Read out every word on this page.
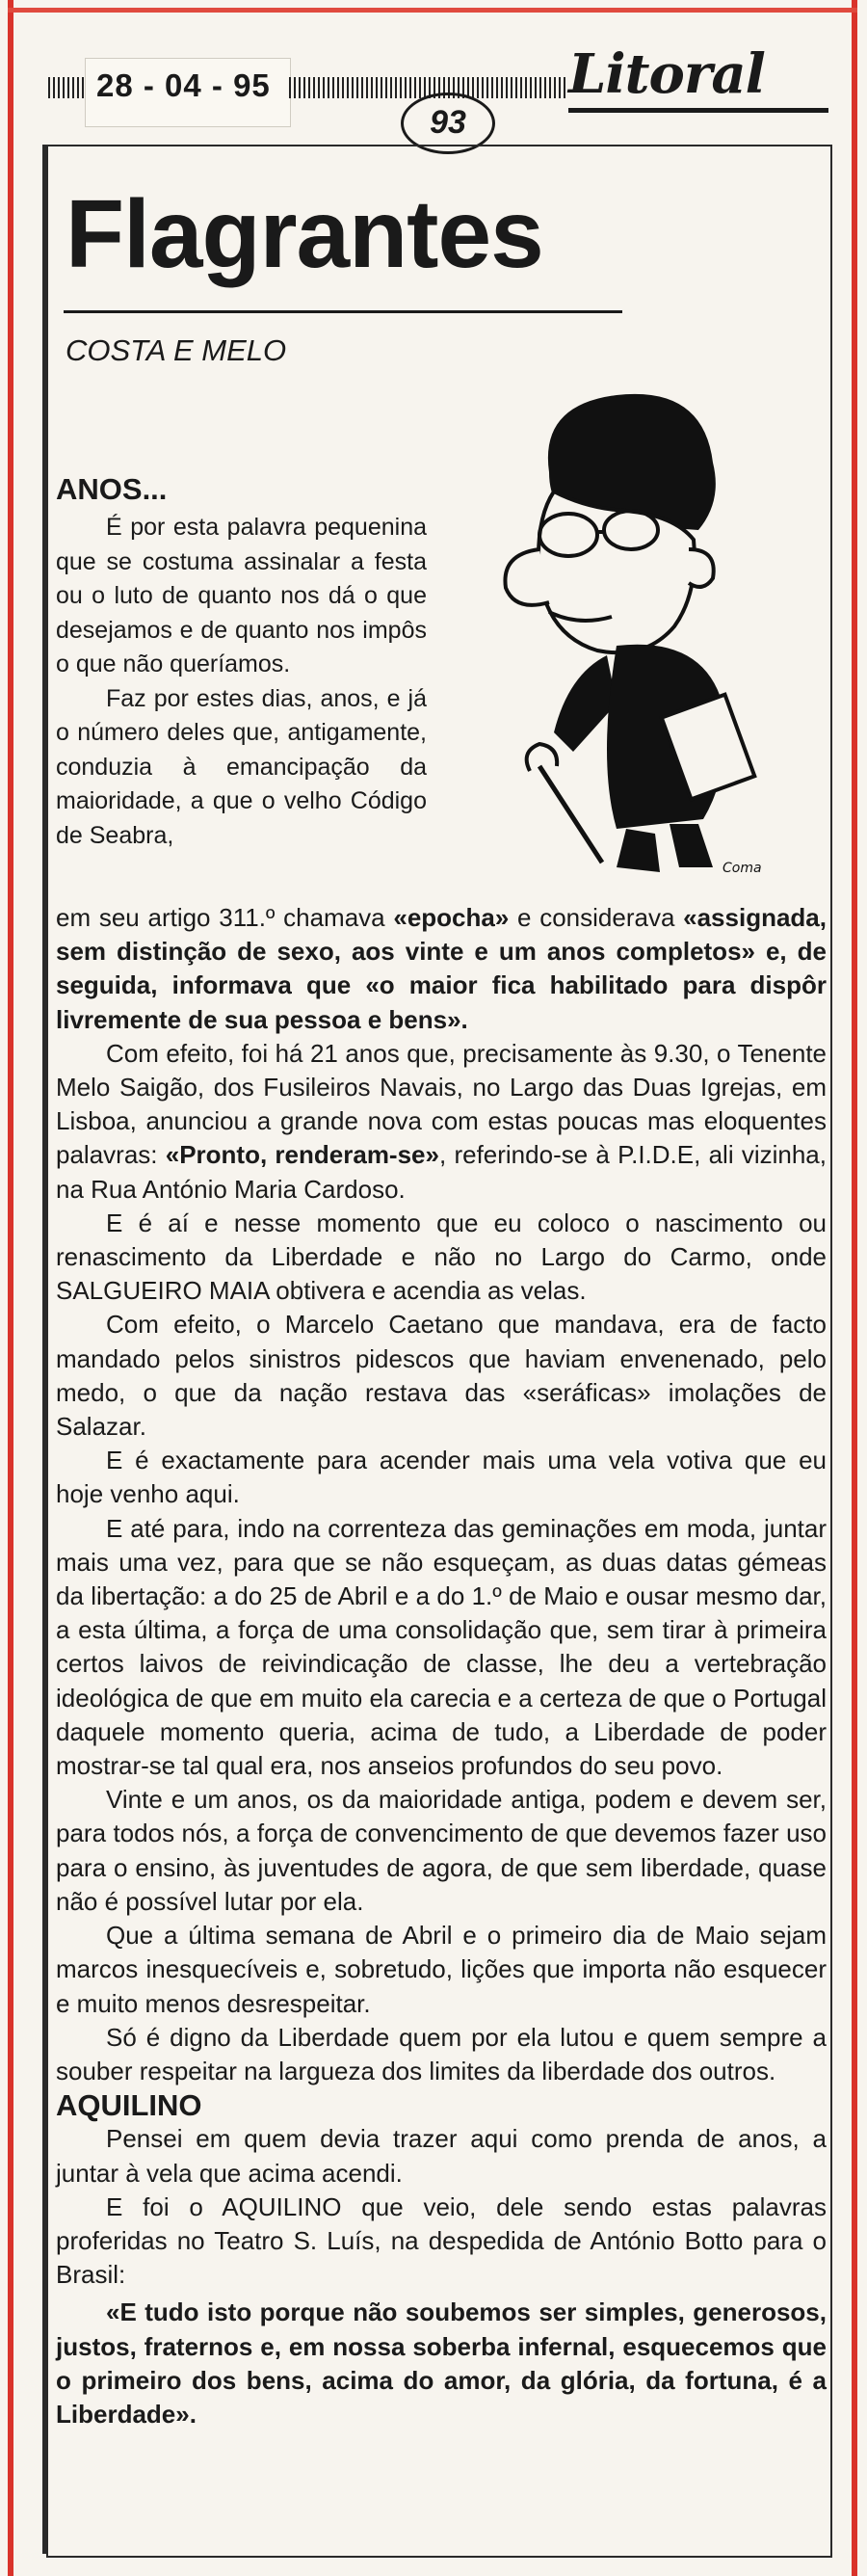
28 - 04 - 95
93
Litoral
Flagrantes
COSTA E MELO
Coma
ANOS...

É por esta palavra pequenina que se costuma assinalar a festa ou o luto de quanto nos dá o que desejamos e de quanto nos impôs o que não queríamos.

Faz por estes dias, anos, e já o número deles que, antigamente, conduzia à emancipação da maioridade, a que o velho Código de Seabra,

em seu artigo 311.º chamava «epocha» e considerava «assignada, sem distinção de sexo, aos vinte e um anos completos» e, de seguida, informava que «o maior fica habilitado para dispôr livremente de sua pessoa e bens».

Com efeito, foi há 21 anos que, precisamente às 9.30, o Tenente Melo Saigão, dos Fusileiros Navais, no Largo das Duas Igrejas, em Lisboa, anunciou a grande nova com estas poucas mas eloquentes palavras: «Pronto, renderam-se», referindo-se à P.I.D.E, ali vizinha, na Rua António Maria Cardoso.

E é aí e nesse momento que eu coloco o nascimento ou renascimento da Liberdade e não no Largo do Carmo, onde SALGUEIRO MAIA obtivera e acendia as velas.

Com efeito, o Marcelo Caetano que mandava, era de facto mandado pelos sinistros pidescos que haviam envenenado, pelo medo, o que da nação restava das «seráficas» imolações de Salazar.

E é exactamente para acender mais uma vela votiva que eu hoje venho aqui.

E até para, indo na correnteza das geminações em moda, juntar mais uma vez, para que se não esqueçam, as duas datas gémeas da libertação: a do 25 de Abril e a do 1.º de Maio e ousar mesmo dar, a esta última, a força de uma consolidação que, sem tirar à primeira certos laivos de reivindicação de classe, lhe deu a vertebração ideológica de que em muito ela carecia e a certeza de que o Portugal daquele momento queria, acima de tudo, a Liberdade de poder mostrar-se tal qual era, nos anseios profundos do seu povo.

Vinte e um anos, os da maioridade antiga, podem e devem ser, para todos nós, a força de convencimento de que devemos fazer uso para o ensino, às juventudes de agora, de que sem liberdade, quase não é possível lutar por ela.

Que a última semana de Abril e o primeiro dia de Maio sejam marcos inesquecíveis e, sobretudo, lições que importa não esquecer e muito menos desrespeitar.

Só é digno da Liberdade quem por ela lutou e quem sempre a souber respeitar na largueza dos limites da liberdade dos outros.

AQUILINO

Pensei em quem devia trazer aqui como prenda de anos, a juntar à vela que acima acendi.

E foi o AQUILINO que veio, dele sendo estas palavras proferidas no Teatro S. Luís, na despedida de António Botto para o Brasil:

«E tudo isto porque não soubemos ser simples, generosos, justos, fraternos e, em nossa soberba infernal, esquecemos que o primeiro dos bens, acima do amor, da glória, da fortuna, é a Liberdade».
